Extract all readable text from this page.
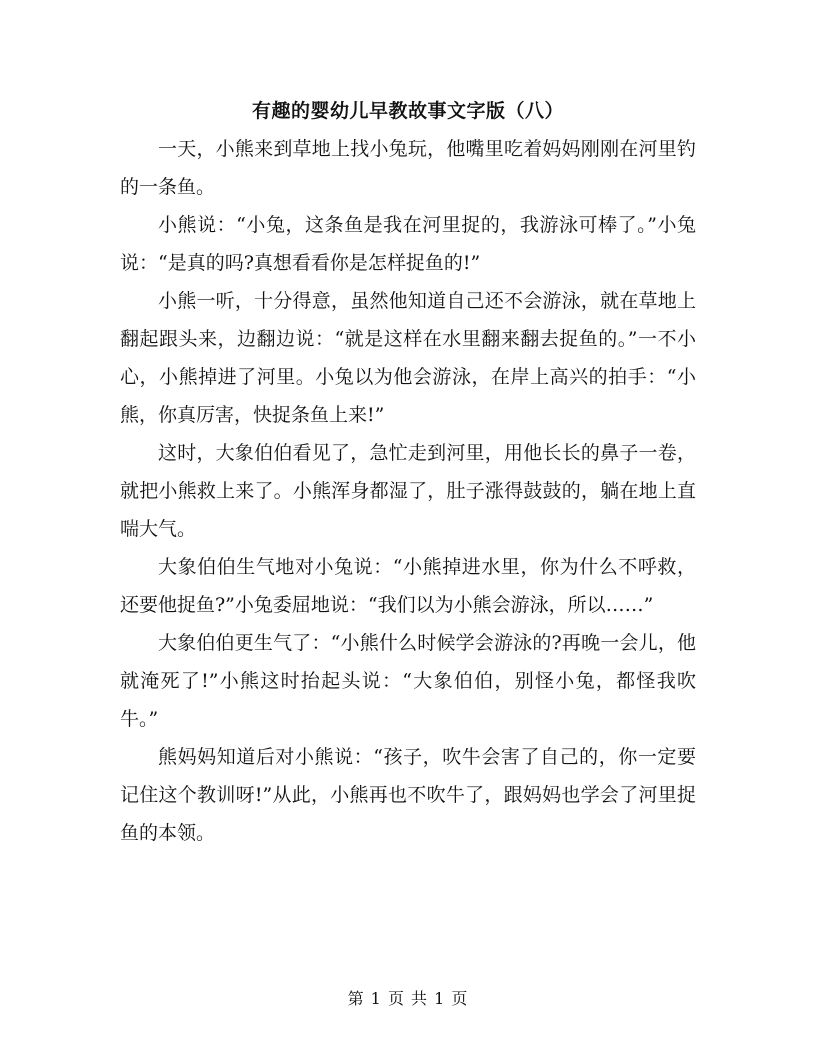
有趣的婴幼儿早教故事文字版（八）

一天，小熊来到草地上找小兔玩，他嘴里吃着妈妈刚刚在河里钓的一条鱼。

小熊说：“小兔，这条鱼是我在河里捉的，我游泳可棒了。”小兔说：“是真的吗?真想看看你是怎样捉鱼的!”

小熊一听，十分得意，虽然他知道自己还不会游泳，就在草地上翻起跟头来，边翻边说：“就是这样在水里翻来翻去捉鱼的。”一不小心，小熊掉进了河里。小兔以为他会游泳，在岸上高兴的拍手：“小熊，你真厉害，快捉条鱼上来!”

这时，大象伯伯看见了，急忙走到河里，用他长长的鼻子一卷，就把小熊救上来了。小熊浑身都湿了，肚子涨得鼓鼓的，躺在地上直喘大气。

大象伯伯生气地对小兔说：“小熊掉进水里，你为什么不呼救，还要他捉鱼?”小兔委屈地说：“我们以为小熊会游泳，所以……”

大象伯伯更生气了：“小熊什么时候学会游泳的?再晚一会儿，他就淹死了!”小熊这时抬起头说：“大象伯伯，别怪小兔，都怪我吹牛。”

熊妈妈知道后对小熊说：“孩子，吹牛会害了自己的，你一定要记住这个教训呀!”从此，小熊再也不吹牛了，跟妈妈也学会了河里捉鱼的本领。

第 1 页 共 1 页
